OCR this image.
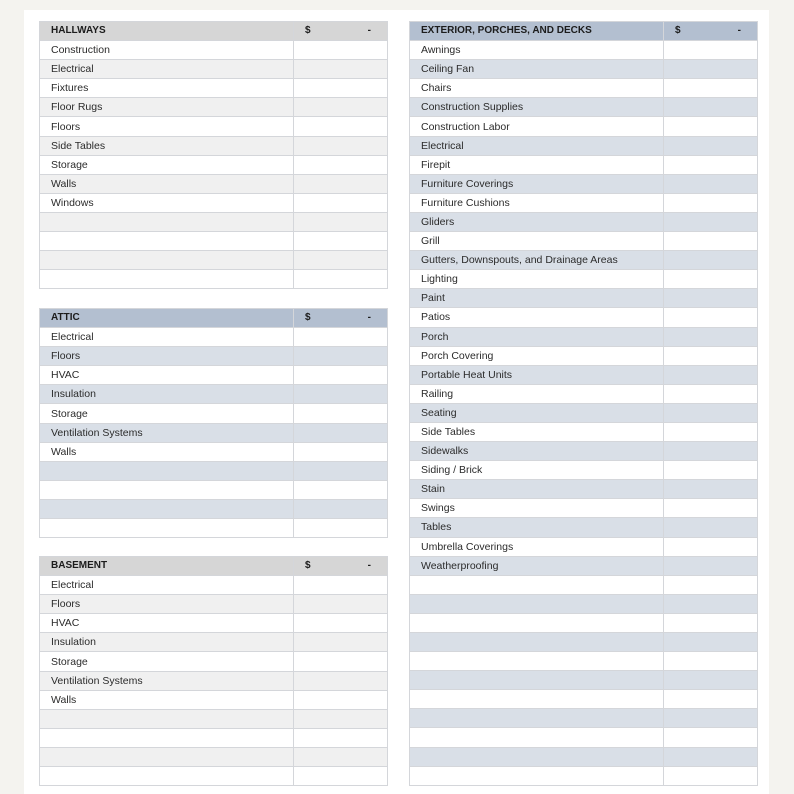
HALLWAYS	$ -

Construction	
Electrical	
Fixtures	
Floor Rugs	
Floors	
Side Tables	
Storage	
Walls	
Windows	

ATTIC	$ -

Electrical	
Floors	
HVAC	
Insulation	
Storage	
Ventilation Systems	
Walls	

BASEMENT	$ -

Electrical	
Floors	
HVAC	
Insulation	
Storage	
Ventilation Systems	
Walls	

EXTERIOR, PORCHES, AND DECKS	$ -

Awnings	
Ceiling Fan	
Chairs	
Construction Supplies	
Construction Labor	
Electrical	
Firepit	
Furniture Coverings	
Furniture Cushions	
Gliders	
Grill	
Gutters, Downspouts, and Drainage Areas	
Lighting	
Paint	
Patios	
Porch	
Porch Covering	
Portable Heat Units	
Railing	
Seating	
Side Tables	
Sidewalks	
Siding / Brick	
Stain	
Swings	
Tables	
Umbrella Coverings	
Weatherproofing	
